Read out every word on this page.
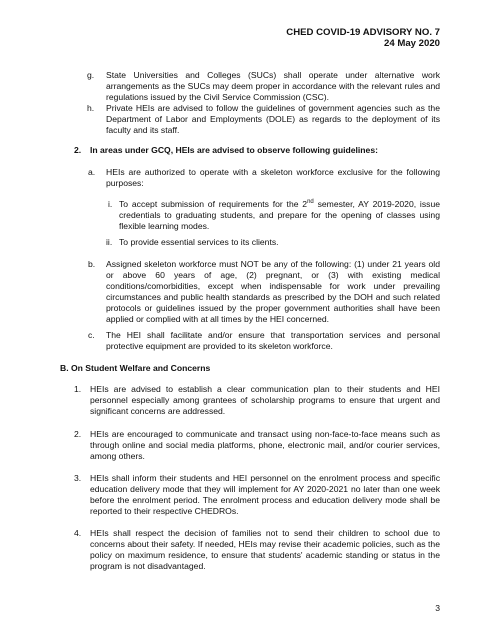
CHED COVID-19 ADVISORY NO. 7
24 May 2020
g. State Universities and Colleges (SUCs) shall operate under alternative work arrangements as the SUCs may deem proper in accordance with the relevant rules and regulations issued by the Civil Service Commission (CSC).
h. Private HEIs are advised to follow the guidelines of government agencies such as the Department of Labor and Employments (DOLE) as regards to the deployment of its faculty and its staff.
2. In areas under GCQ, HEIs are advised to observe following guidelines:
a. HEIs are authorized to operate with a skeleton workforce exclusive for the following purposes:
i. To accept submission of requirements for the 2nd semester, AY 2019-2020, issue credentials to graduating students, and prepare for the opening of classes using flexible learning modes.
ii. To provide essential services to its clients.
b. Assigned skeleton workforce must NOT be any of the following: (1) under 21 years old or above 60 years of age, (2) pregnant, or (3) with existing medical conditions/comorbidities, except when indispensable for work under prevailing circumstances and public health standards as prescribed by the DOH and such related protocols or guidelines issued by the proper government authorities shall have been applied or complied with at all times by the HEI concerned.
c. The HEI shall facilitate and/or ensure that transportation services and personal protective equipment are provided to its skeleton workforce.
B. On Student Welfare and Concerns
1. HEIs are advised to establish a clear communication plan to their students and HEI personnel especially among grantees of scholarship programs to ensure that urgent and significant concerns are addressed.
2. HEIs are encouraged to communicate and transact using non-face-to-face means such as through online and social media platforms, phone, electronic mail, and/or courier services, among others.
3. HEIs shall inform their students and HEI personnel on the enrolment process and specific education delivery mode that they will implement for AY 2020-2021 no later than one week before the enrolment period. The enrolment process and education delivery mode shall be reported to their respective CHEDROs.
4. HEIs shall respect the decision of families not to send their children to school due to concerns about their safety. If needed, HEIs may revise their academic policies, such as the policy on maximum residence, to ensure that students' academic standing or status in the program is not disadvantaged.
3
